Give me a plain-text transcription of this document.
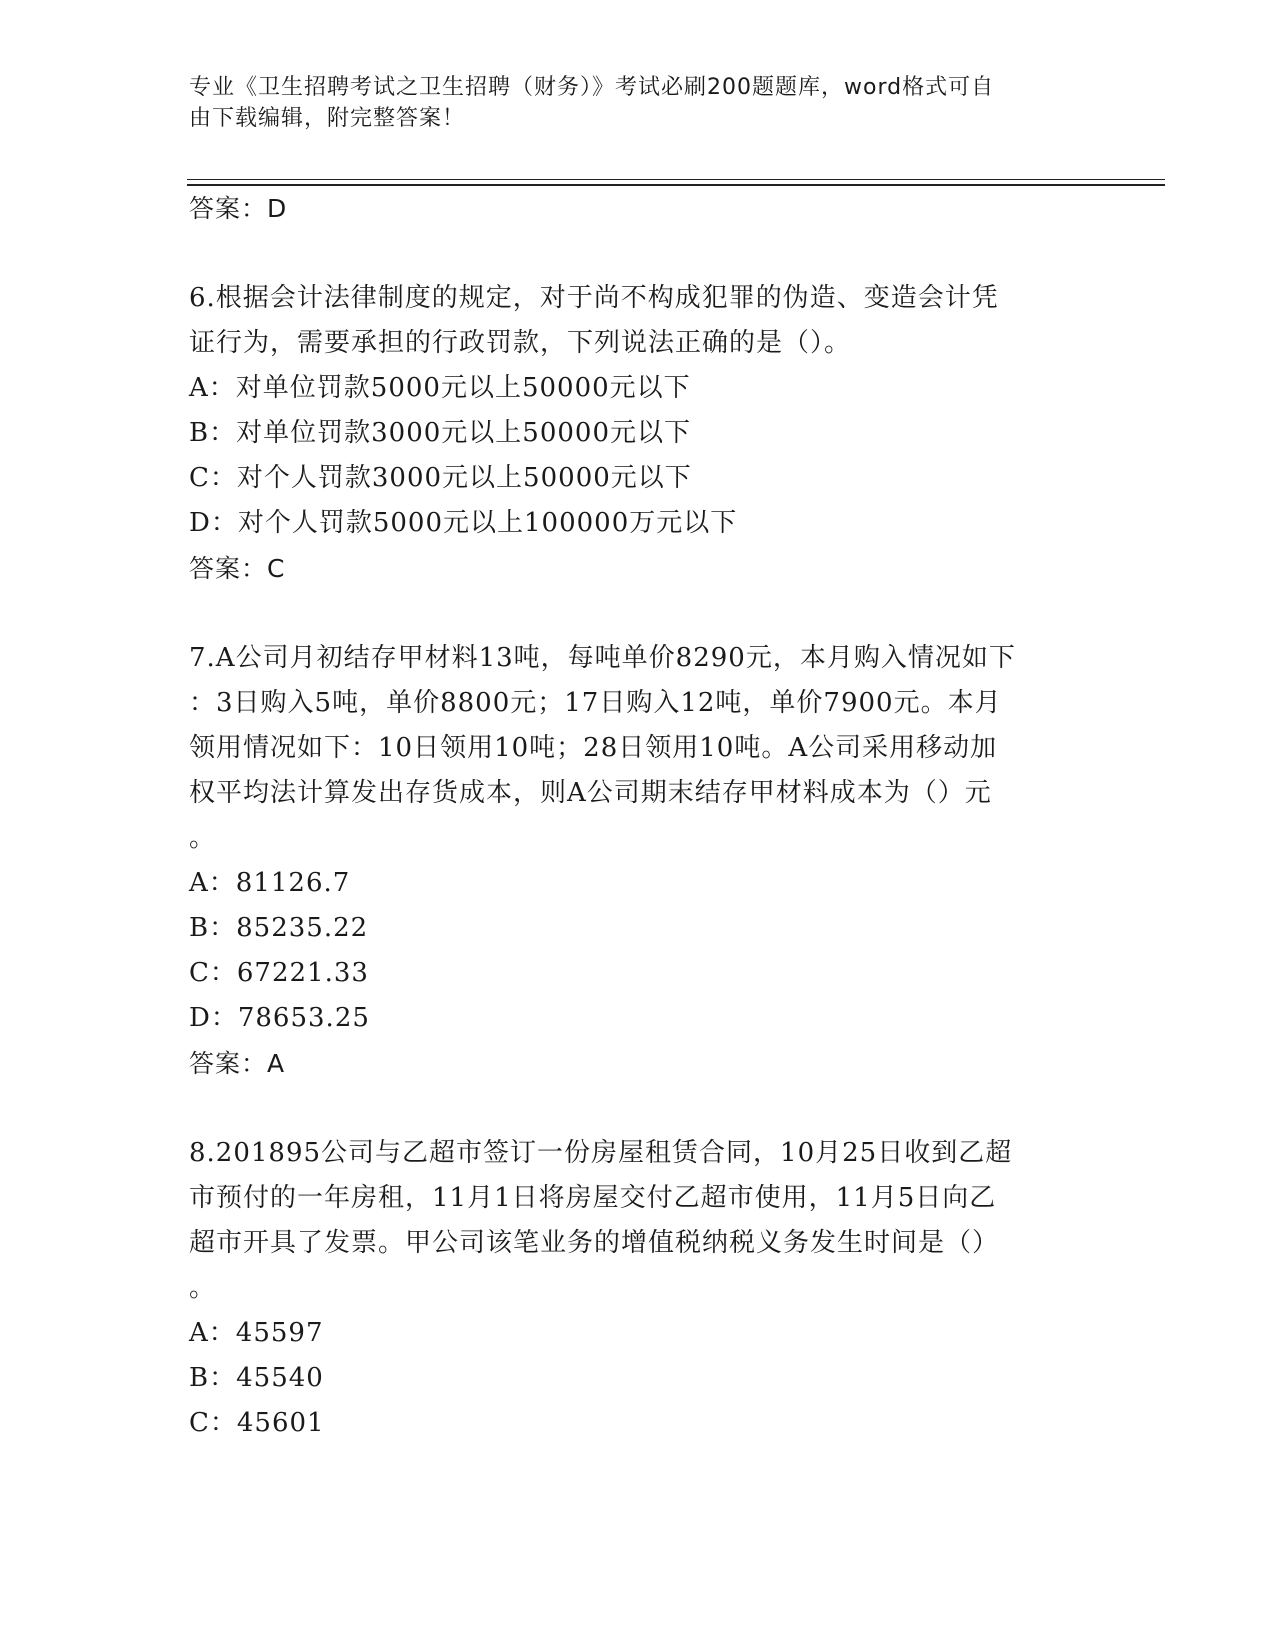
专业《卫生招聘考试之卫生招聘（财务）》考试必刷200题题库，word格式可自
由下载编辑，附完整答案！
答案：D
6.根据会计法律制度的规定，对于尚不构成犯罪的伪造、变造会计凭
证行为，需要承担的行政罚款，下列说法正确的是（）。
A：对单位罚款5000元以上50000元以下
B：对单位罚款3000元以上50000元以下
C：对个人罚款3000元以上50000元以下
D：对个人罚款5000元以上100000万元以下
答案：C
7.A公司月初结存甲材料13吨，每吨单价8290元，本月购入情况如下
：3日购入5吨，单价8800元；17日购入12吨，单价7900元。本月
领用情况如下：10日领用10吨；28日领用10吨。A公司采用移动加
权平均法计算发出存货成本，则A公司期末结存甲材料成本为（）元
。
A：81126.7
B：85235.22
C：67221.33
D：78653.25
答案：A
8.201895公司与乙超市签订一份房屋租赁合同，10月25日收到乙超
市预付的一年房租，11月1日将房屋交付乙超市使用，11月5日向乙
超市开具了发票。甲公司该笔业务的增值税纳税义务发生时间是（）
。
A：45597
B：45540
C：45601
